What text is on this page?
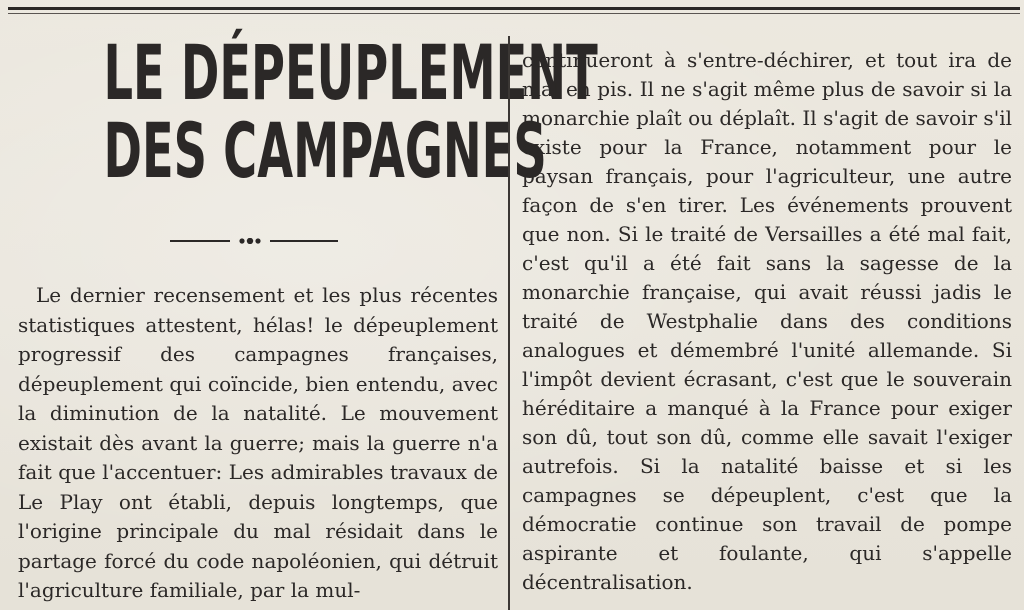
LE DÉPEUPLEMENT
DES CAMPAGNES

Le dernier recensement et les plus récentes statistiques attestent, hélas! le dépeuplement progressif des campagnes françaises, dépeuplement qui coïncide, bien entendu, avec la diminution de la natalité. Le mouvement existait dès avant la guerre; mais la guerre n'a fait que l'accentuer: Les admirables travaux de Le Play ont établi, depuis longtemps, que l'origine principale du mal résidait dans le partage forcé du code napoléonien, qui détruit l'agriculture familiale, par la mul-

continueront à s'entre-déchirer, et tout ira de mal en pis. Il ne s'agit même plus de savoir si la monarchie plaît ou déplaît. Il s'agit de savoir s'il existe pour la France, notamment pour le paysan français, pour l'agriculteur, une autre façon de s'en tirer. Les événements prouvent que non. Si le traité de Versailles a été mal fait, c'est qu'il a été fait sans la sagesse de la monarchie française, qui avait réussi jadis le traité de Westphalie dans des conditions analogues et démembré l'unité allemande. Si l'impôt devient écrasant, c'est que le souverain héréditaire a manqué à la France pour exiger son dû, tout son dû, comme elle savait l'exiger autrefois. Si la natalité baisse et si les campagnes se dépeuplent, c'est que la démocratie continue son travail de pompe aspirante et foulante, qui s'appelle décentralisation.
